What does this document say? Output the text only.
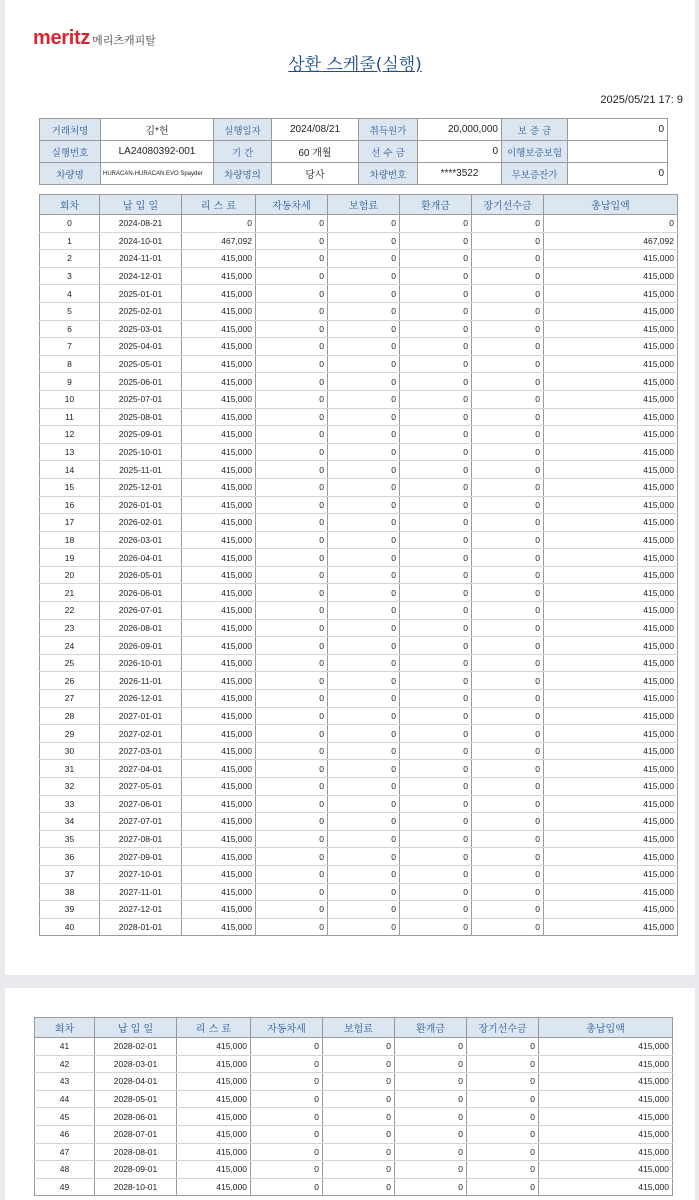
meritz 메리츠캐피탈
상환 스케줄(실행)
2025/05/21 17: 9
거래처명	김*헌	실행일자	2024/08/21	취득원가	20,000,000	보 증 금	0
실행번호	LA24080392-001	기 간	60 개월	선 수 금	0	이행보증보험	
차량명	HURACAN-HURACAN EVO Spayder	차량명의	당사	차량번호	****3522	무보증잔가	0
회차	납 입 일	리 스 료	자동차세	보험료	환개금	장기선수금	총납입액
0	2024-08-21	0	0	0	0	0	0
1	2024-10-01	467,092	0	0	0	0	467,092
2	2024-11-01	415,000	0	0	0	0	415,000
3	2024-12-01	415,000	0	0	0	0	415,000
4	2025-01-01	415,000	0	0	0	0	415,000
5	2025-02-01	415,000	0	0	0	0	415,000
6	2025-03-01	415,000	0	0	0	0	415,000
7	2025-04-01	415,000	0	0	0	0	415,000
8	2025-05-01	415,000	0	0	0	0	415,000
9	2025-06-01	415,000	0	0	0	0	415,000
10	2025-07-01	415,000	0	0	0	0	415,000
11	2025-08-01	415,000	0	0	0	0	415,000
12	2025-09-01	415,000	0	0	0	0	415,000
13	2025-10-01	415,000	0	0	0	0	415,000
14	2025-11-01	415,000	0	0	0	0	415,000
15	2025-12-01	415,000	0	0	0	0	415,000
16	2026-01-01	415,000	0	0	0	0	415,000
17	2026-02-01	415,000	0	0	0	0	415,000
18	2026-03-01	415,000	0	0	0	0	415,000
19	2026-04-01	415,000	0	0	0	0	415,000
20	2026-05-01	415,000	0	0	0	0	415,000
21	2026-06-01	415,000	0	0	0	0	415,000
22	2026-07-01	415,000	0	0	0	0	415,000
23	2026-08-01	415,000	0	0	0	0	415,000
24	2026-09-01	415,000	0	0	0	0	415,000
25	2026-10-01	415,000	0	0	0	0	415,000
26	2026-11-01	415,000	0	0	0	0	415,000
27	2026-12-01	415,000	0	0	0	0	415,000
28	2027-01-01	415,000	0	0	0	0	415,000
29	2027-02-01	415,000	0	0	0	0	415,000
30	2027-03-01	415,000	0	0	0	0	415,000
31	2027-04-01	415,000	0	0	0	0	415,000
32	2027-05-01	415,000	0	0	0	0	415,000
33	2027-06-01	415,000	0	0	0	0	415,000
34	2027-07-01	415,000	0	0	0	0	415,000
35	2027-08-01	415,000	0	0	0	0	415,000
36	2027-09-01	415,000	0	0	0	0	415,000
37	2027-10-01	415,000	0	0	0	0	415,000
38	2027-11-01	415,000	0	0	0	0	415,000
39	2027-12-01	415,000	0	0	0	0	415,000
40	2028-01-01	415,000	0	0	0	0	415,000
회차	납 입 일	리 스 료	자동차세	보험료	환개금	장기선수금	총납입액
41	2028-02-01	415,000	0	0	0	0	415,000
42	2028-03-01	415,000	0	0	0	0	415,000
43	2028-04-01	415,000	0	0	0	0	415,000
44	2028-05-01	415,000	0	0	0	0	415,000
45	2028-06-01	415,000	0	0	0	0	415,000
46	2028-07-01	415,000	0	0	0	0	415,000
47	2028-08-01	415,000	0	0	0	0	415,000
48	2028-09-01	415,000	0	0	0	0	415,000
49	2028-10-01	415,000	0	0	0	0	415,000
